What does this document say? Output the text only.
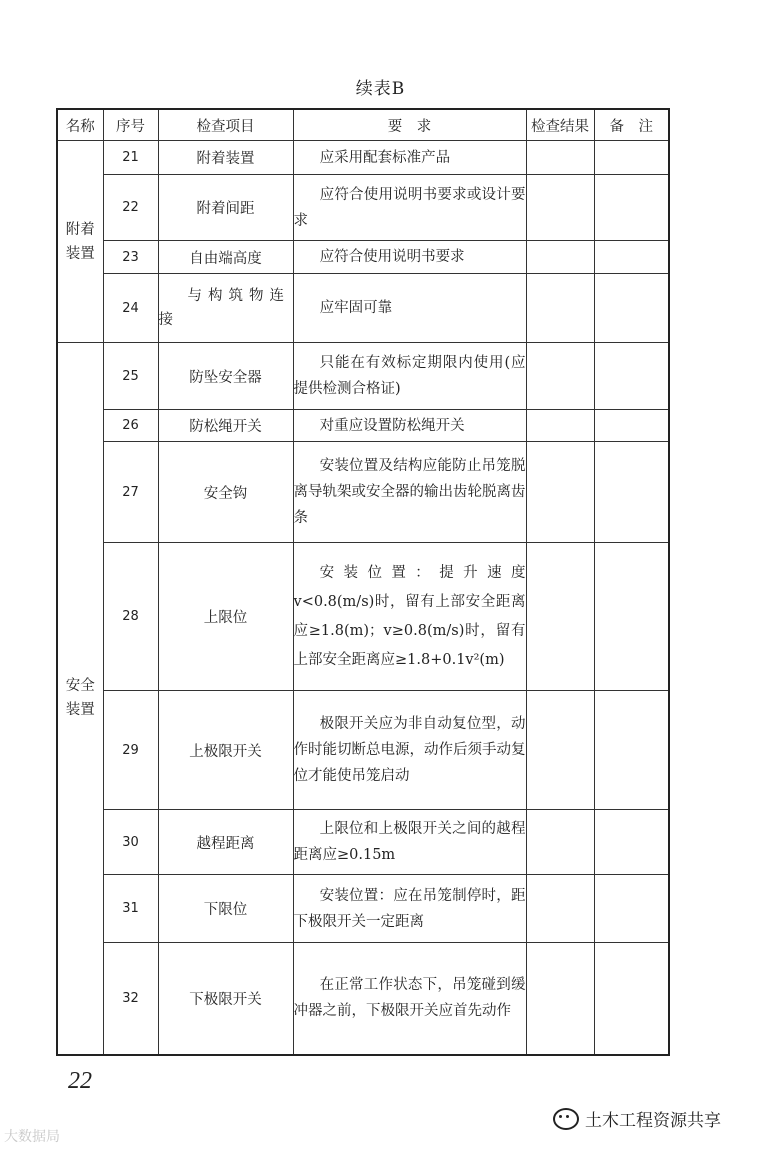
续表B
名称	序号	检查项目	要　求	检查结果	备　注
附着
装置	21	附着装置	应采用配套标准产品		
	22	附着间距	应符合使用说明书要求或设计要求		
	23	自由端高度	应符合使用说明书要求		
	24	与构筑物连接	应牢固可靠		
安全
装置	25	防坠安全器	只能在有效标定期限内使用(应提供检测合格证)		
	26	防松绳开关	对重应设置防松绳开关		
	27	安全钩	安装位置及结构应能防止吊笼脱离导轨架或安全器的输出齿轮脱离齿条		
	28	上限位	安装位置：提升速度 v<0.8(m/s)时，留有上部安全距离应≥1.8(m)；v≥0.8(m/s)时，留有上部安全距离应≥1.8+0.1v²(m)		
	29	上极限开关	极限开关应为非自动复位型，动作时能切断总电源，动作后须手动复位才能使吊笼启动		
	30	越程距离	上限位和上极限开关之间的越程距离应≥0.15m		
	31	下限位	安装位置：应在吊笼制停时，距下极限开关一定距离		
	32	下极限开关	在正常工作状态下，吊笼碰到缓冲器之前，下极限开关应首先动作		
22
大数据局
土木工程资源共享
